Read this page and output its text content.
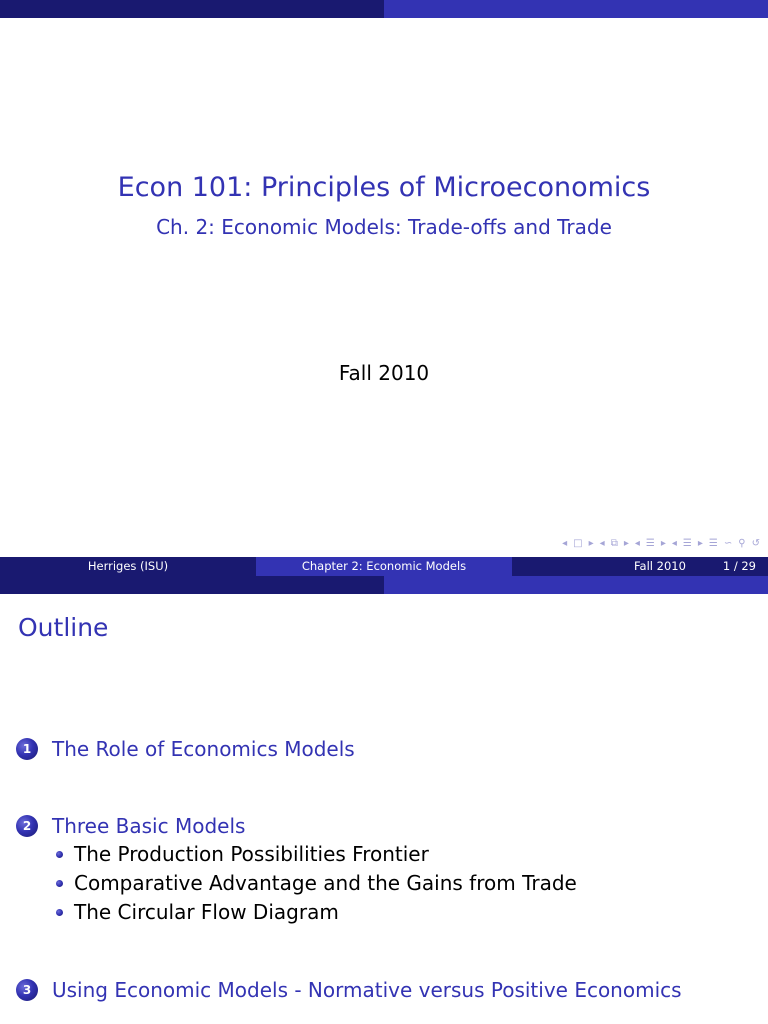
Econ 101: Principles of Microeconomics
Ch. 2: Economic Models: Trade-offs and Trade
Fall 2010
◂ □ ▸ ◂ ⧉ ▸ ◂ ☰ ▸ ◂ ☰ ▸ ☰ ∽ ⚲ ↺
Herriges (ISU)	Chapter 2: Economic Models	Fall 2010	1 / 29
Outline
1	The Role of Economics Models
2	Three Basic Models
The Production Possibilities Frontier
Comparative Advantage and the Gains from Trade
The Circular Flow Diagram
3	Using Economic Models - Normative versus Positive Economics
